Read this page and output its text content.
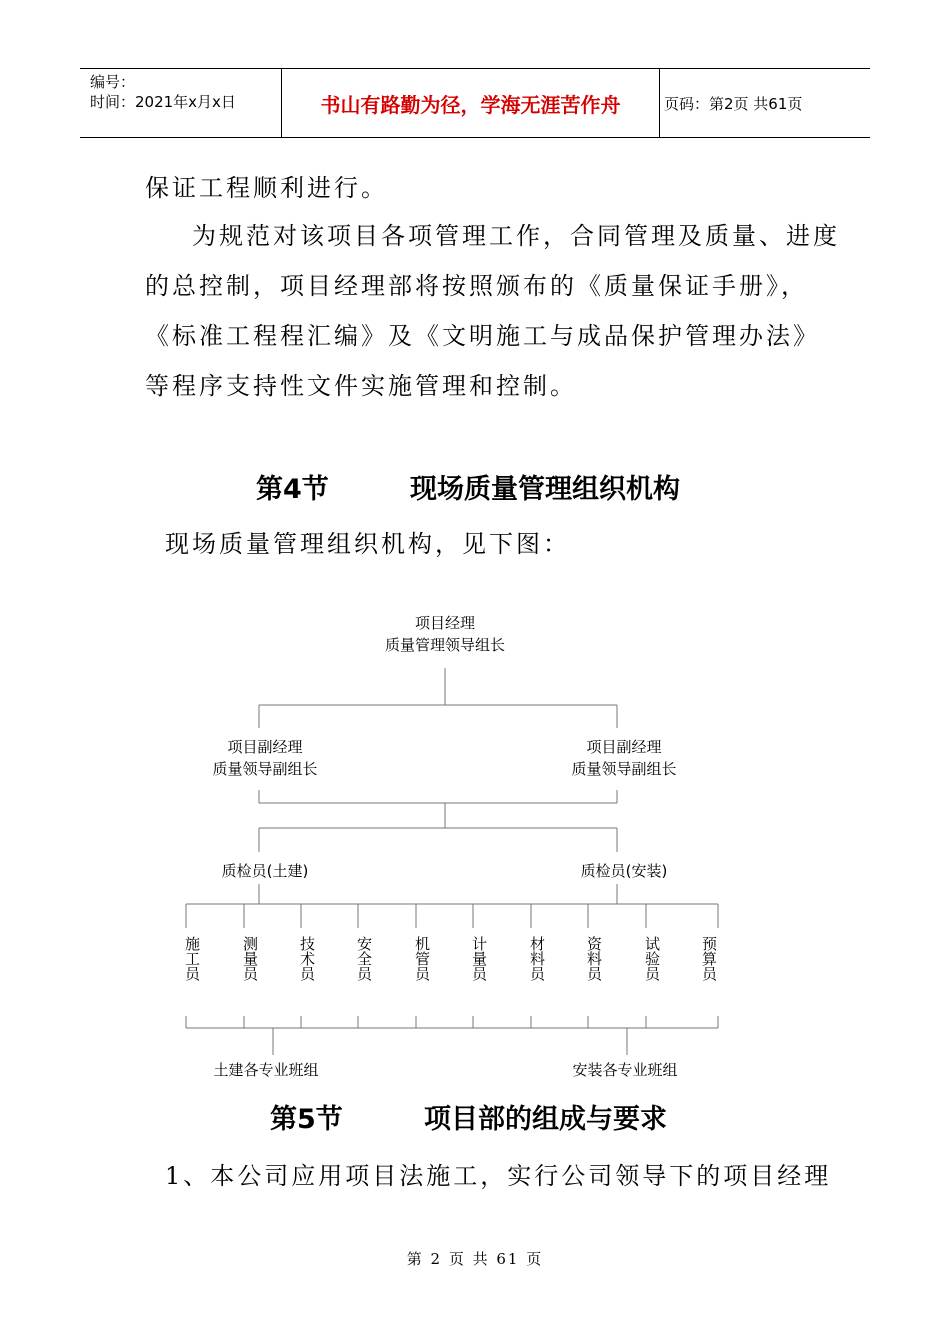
编号：
时间：2021年x月x日	书山有路勤为径，学海无涯苦作舟	页码：第2页 共61页
保证工程顺利进行。
为规范对该项目各项管理工作，合同管理及质量、进度
的总控制，项目经理部将按照颁布的《质量保证手册》，
《标准工程程汇编》及《文明施工与成品保护管理办法》
等程序支持性文件实施管理和控制。
第4节	现场质量管理组织机构
现场质量管理组织机构，见下图：
项目经理
质量管理领导组长
项目副经理
质量领导副组长
项目副经理
质量领导副组长
质检员(土建)	质检员(安装)
施工员	测量员	技术员	安全员	机管员	计量员	材料员	资料员	试验员	预算员
土建各专业班组	安装各专业班组
第5节	项目部的组成与要求
1、本公司应用项目法施工，实行公司领导下的项目经理
第 2 页 共 61 页
